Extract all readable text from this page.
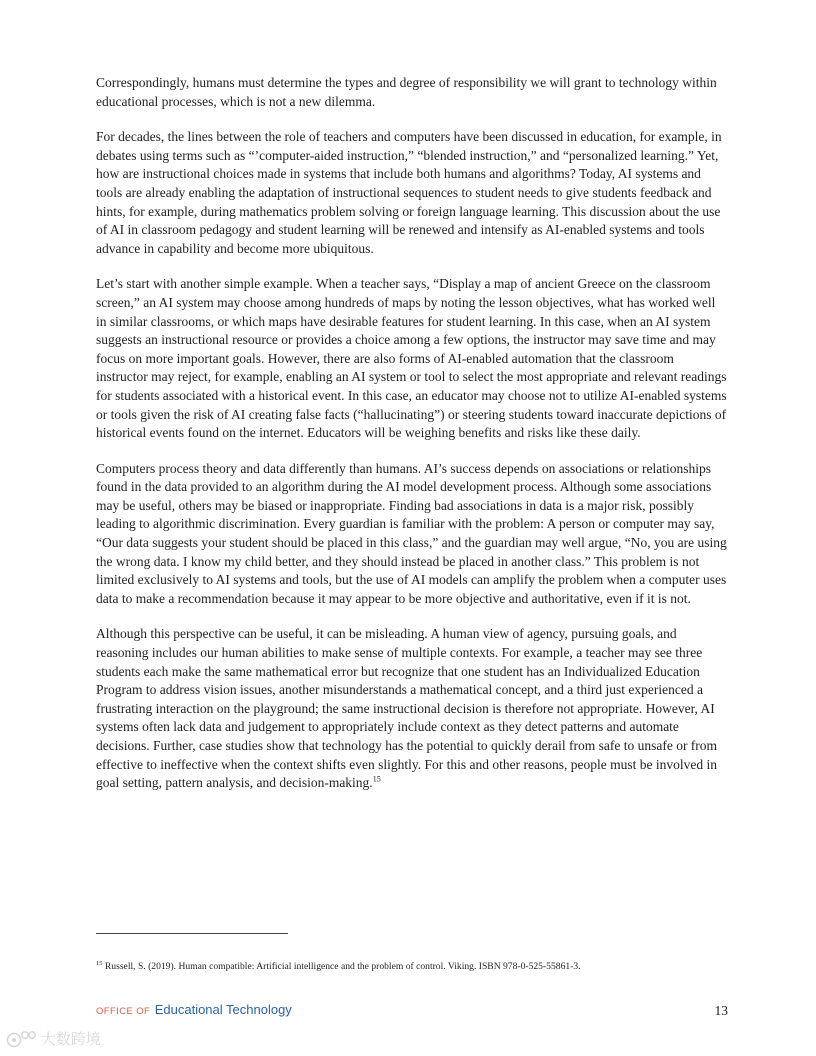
Correspondingly, humans must determine the types and degree of responsibility we will grant to technology within educational processes, which is not a new dilemma.

For decades, the lines between the role of teachers and computers have been discussed in education, for example, in debates using terms such as “’computer-aided instruction,” “blended instruction,” and “personalized learning.” Yet, how are instructional choices made in systems that include both humans and algorithms? Today, AI systems and tools are already enabling the adaptation of instructional sequences to student needs to give students feedback and hints, for example, during mathematics problem solving or foreign language learning. This discussion about the use of AI in classroom pedagogy and student learning will be renewed and intensify as AI-enabled systems and tools advance in capability and become more ubiquitous.

Let’s start with another simple example. When a teacher says, “Display a map of ancient Greece on the classroom screen,” an AI system may choose among hundreds of maps by noting the lesson objectives, what has worked well in similar classrooms, or which maps have desirable features for student learning. In this case, when an AI system suggests an instructional resource or provides a choice among a few options, the instructor may save time and may focus on more important goals. However, there are also forms of AI-enabled automation that the classroom instructor may reject, for example, enabling an AI system or tool to select the most appropriate and relevant readings for students associated with a historical event. In this case, an educator may choose not to utilize AI-enabled systems or tools given the risk of AI creating false facts (“hallucinating”) or steering students toward inaccurate depictions of historical events found on the internet. Educators will be weighing benefits and risks like these daily.

Computers process theory and data differently than humans. AI’s success depends on associations or relationships found in the data provided to an algorithm during the AI model development process. Although some associations may be useful, others may be biased or inappropriate. Finding bad associations in data is a major risk, possibly leading to algorithmic discrimination. Every guardian is familiar with the problem: A person or computer may say, “Our data suggests your student should be placed in this class,” and the guardian may well argue, “No, you are using the wrong data. I know my child better, and they should instead be placed in another class.” This problem is not limited exclusively to AI systems and tools, but the use of AI models can amplify the problem when a computer uses data to make a recommendation because it may appear to be more objective and authoritative, even if it is not.

Although this perspective can be useful, it can be misleading. A human view of agency, pursuing goals, and reasoning includes our human abilities to make sense of multiple contexts. For example, a teacher may see three students each make the same mathematical error but recognize that one student has an Individualized Education Program to address vision issues, another misunderstands a mathematical concept, and a third just experienced a frustrating interaction on the playground; the same instructional decision is therefore not appropriate. However, AI systems often lack data and judgement to appropriately include context as they detect patterns and automate decisions. Further, case studies show that technology has the potential to quickly derail from safe to unsafe or from effective to ineffective when the context shifts even slightly. For this and other reasons, people must be involved in goal setting, pattern analysis, and decision-making.$^{15}$

$^{15}$ Russell, S. (2019). Human compatible: Artificial intelligence and the problem of control. Viking. ISBN 978-0-525-55861-3.
OFFICE OF Educational Technology	13
大数跨境
